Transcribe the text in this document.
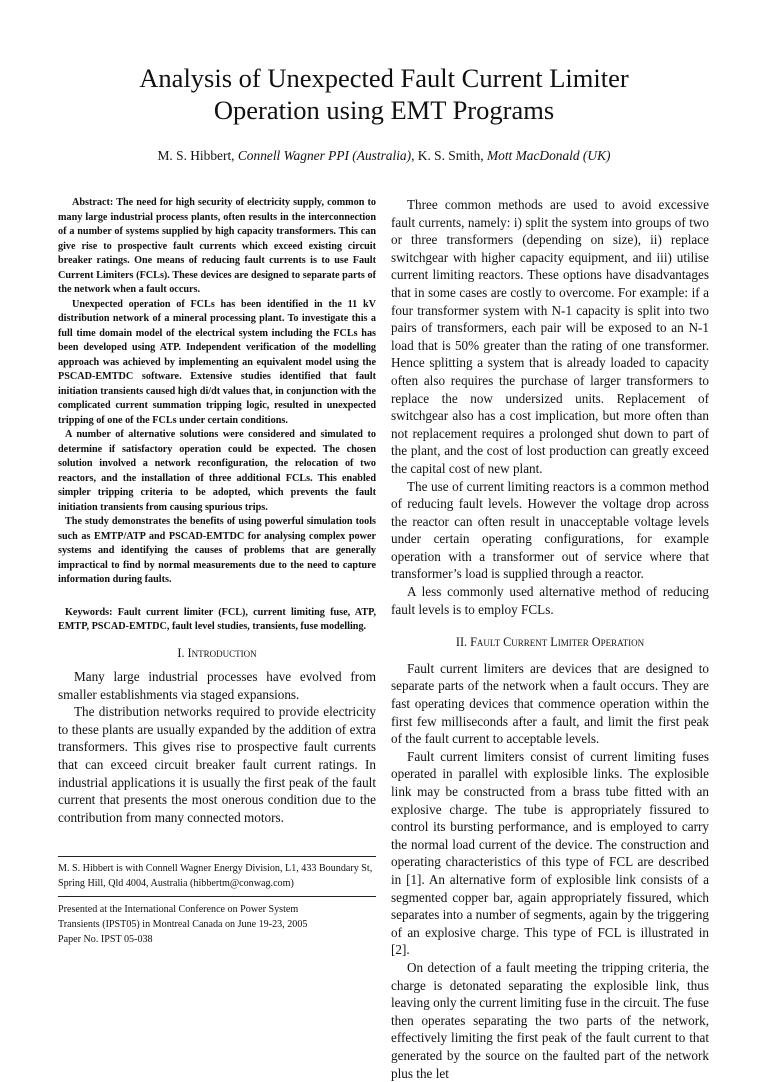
Analysis of Unexpected Fault Current Limiter
Operation using EMT Programs
M. S. Hibbert, Connell Wagner PPI (Australia), K. S. Smith, Mott MacDonald (UK)

Abstract: The need for high security of electricity supply, common to many large industrial process plants, often results in the interconnection of a number of systems supplied by high capacity transformers. This can give rise to prospective fault currents which exceed existing circuit breaker ratings. One means of reducing fault currents is to use Fault Current Limiters (FCLs). These devices are designed to separate parts of the network when a fault occurs.

Unexpected operation of FCLs has been identified in the 11 kV distribution network of a mineral processing plant. To investigate this a full time domain model of the electrical system including the FCLs has been developed using ATP. Independent verification of the modelling approach was achieved by implementing an equivalent model using the PSCAD-EMTDC software. Extensive studies identified that fault initiation transients caused high di/dt values that, in conjunction with the complicated current summation tripping logic, resulted in unexpected tripping of one of the FCLs under certain conditions.

A number of alternative solutions were considered and simulated to determine if satisfactory operation could be expected. The chosen solution involved a network reconfiguration, the relocation of two reactors, and the installation of three additional FCLs. This enabled simpler tripping criteria to be adopted, which prevents the fault initiation transients from causing spurious trips.

The study demonstrates the benefits of using powerful simulation tools such as EMTP/ATP and PSCAD-EMTDC for analysing complex power systems and identifying the causes of problems that are generally impractical to find by normal measurements due to the need to capture information during faults.

Keywords: Fault current limiter (FCL), current limiting fuse, ATP, EMTP, PSCAD-EMTDC, fault level studies, transients, fuse modelling.

I. Introduction

Many large industrial processes have evolved from smaller establishments via staged expansions.

The distribution networks required to provide electricity to these plants are usually expanded by the addition of extra transformers. This gives rise to prospective fault currents that can exceed circuit breaker fault current ratings. In industrial applications it is usually the first peak of the fault current that presents the most onerous condition due to the contribution from many connected motors.

M. S. Hibbert is with Connell Wagner Energy Division, L1, 433 Boundary St, Spring Hill, Qld 4004, Australia (hibbertm@conwag.com)

Presented at the International Conference on Power System
Transients (IPST05) in Montreal Canada on June 19-23, 2005
Paper No. IPST 05-038

Three common methods are used to avoid excessive fault currents, namely: i) split the system into groups of two or three transformers (depending on size), ii) replace switchgear with higher capacity equipment, and iii) utilise current limiting reactors. These options have disadvantages that in some cases are costly to overcome. For example: if a four transformer system with N-1 capacity is split into two pairs of transformers, each pair will be exposed to an N-1 load that is 50% greater than the rating of one transformer. Hence splitting a system that is already loaded to capacity often also requires the purchase of larger transformers to replace the now undersized units. Replacement of switchgear also has a cost implication, but more often than not replacement requires a prolonged shut down to part of the plant, and the cost of lost production can greatly exceed the capital cost of new plant.

The use of current limiting reactors is a common method of reducing fault levels. However the voltage drop across the reactor can often result in unacceptable voltage levels under certain operating configurations, for example operation with a transformer out of service where that transformer’s load is supplied through a reactor.

A less commonly used alternative method of reducing fault levels is to employ FCLs.

II. Fault Current Limiter Operation

Fault current limiters are devices that are designed to separate parts of the network when a fault occurs. They are fast operating devices that commence operation within the first few milliseconds after a fault, and limit the first peak of the fault current to acceptable levels.

Fault current limiters consist of current limiting fuses operated in parallel with explosible links. The explosible link may be constructed from a brass tube fitted with an explosive charge. The tube is appropriately fissured to control its bursting performance, and is employed to carry the normal load current of the device. The construction and operating characteristics of this type of FCL are described in [1]. An alternative form of explosible link consists of a segmented copper bar, again appropriately fissured, which separates into a number of segments, again by the triggering of an explosive charge. This type of FCL is illustrated in [2].

On detection of a fault meeting the tripping criteria, the charge is detonated separating the explosible link, thus leaving only the current limiting fuse in the circuit. The fuse then operates separating the two parts of the network, effectively limiting the first peak of the fault current to that generated by the source on the faulted part of the network plus the let
